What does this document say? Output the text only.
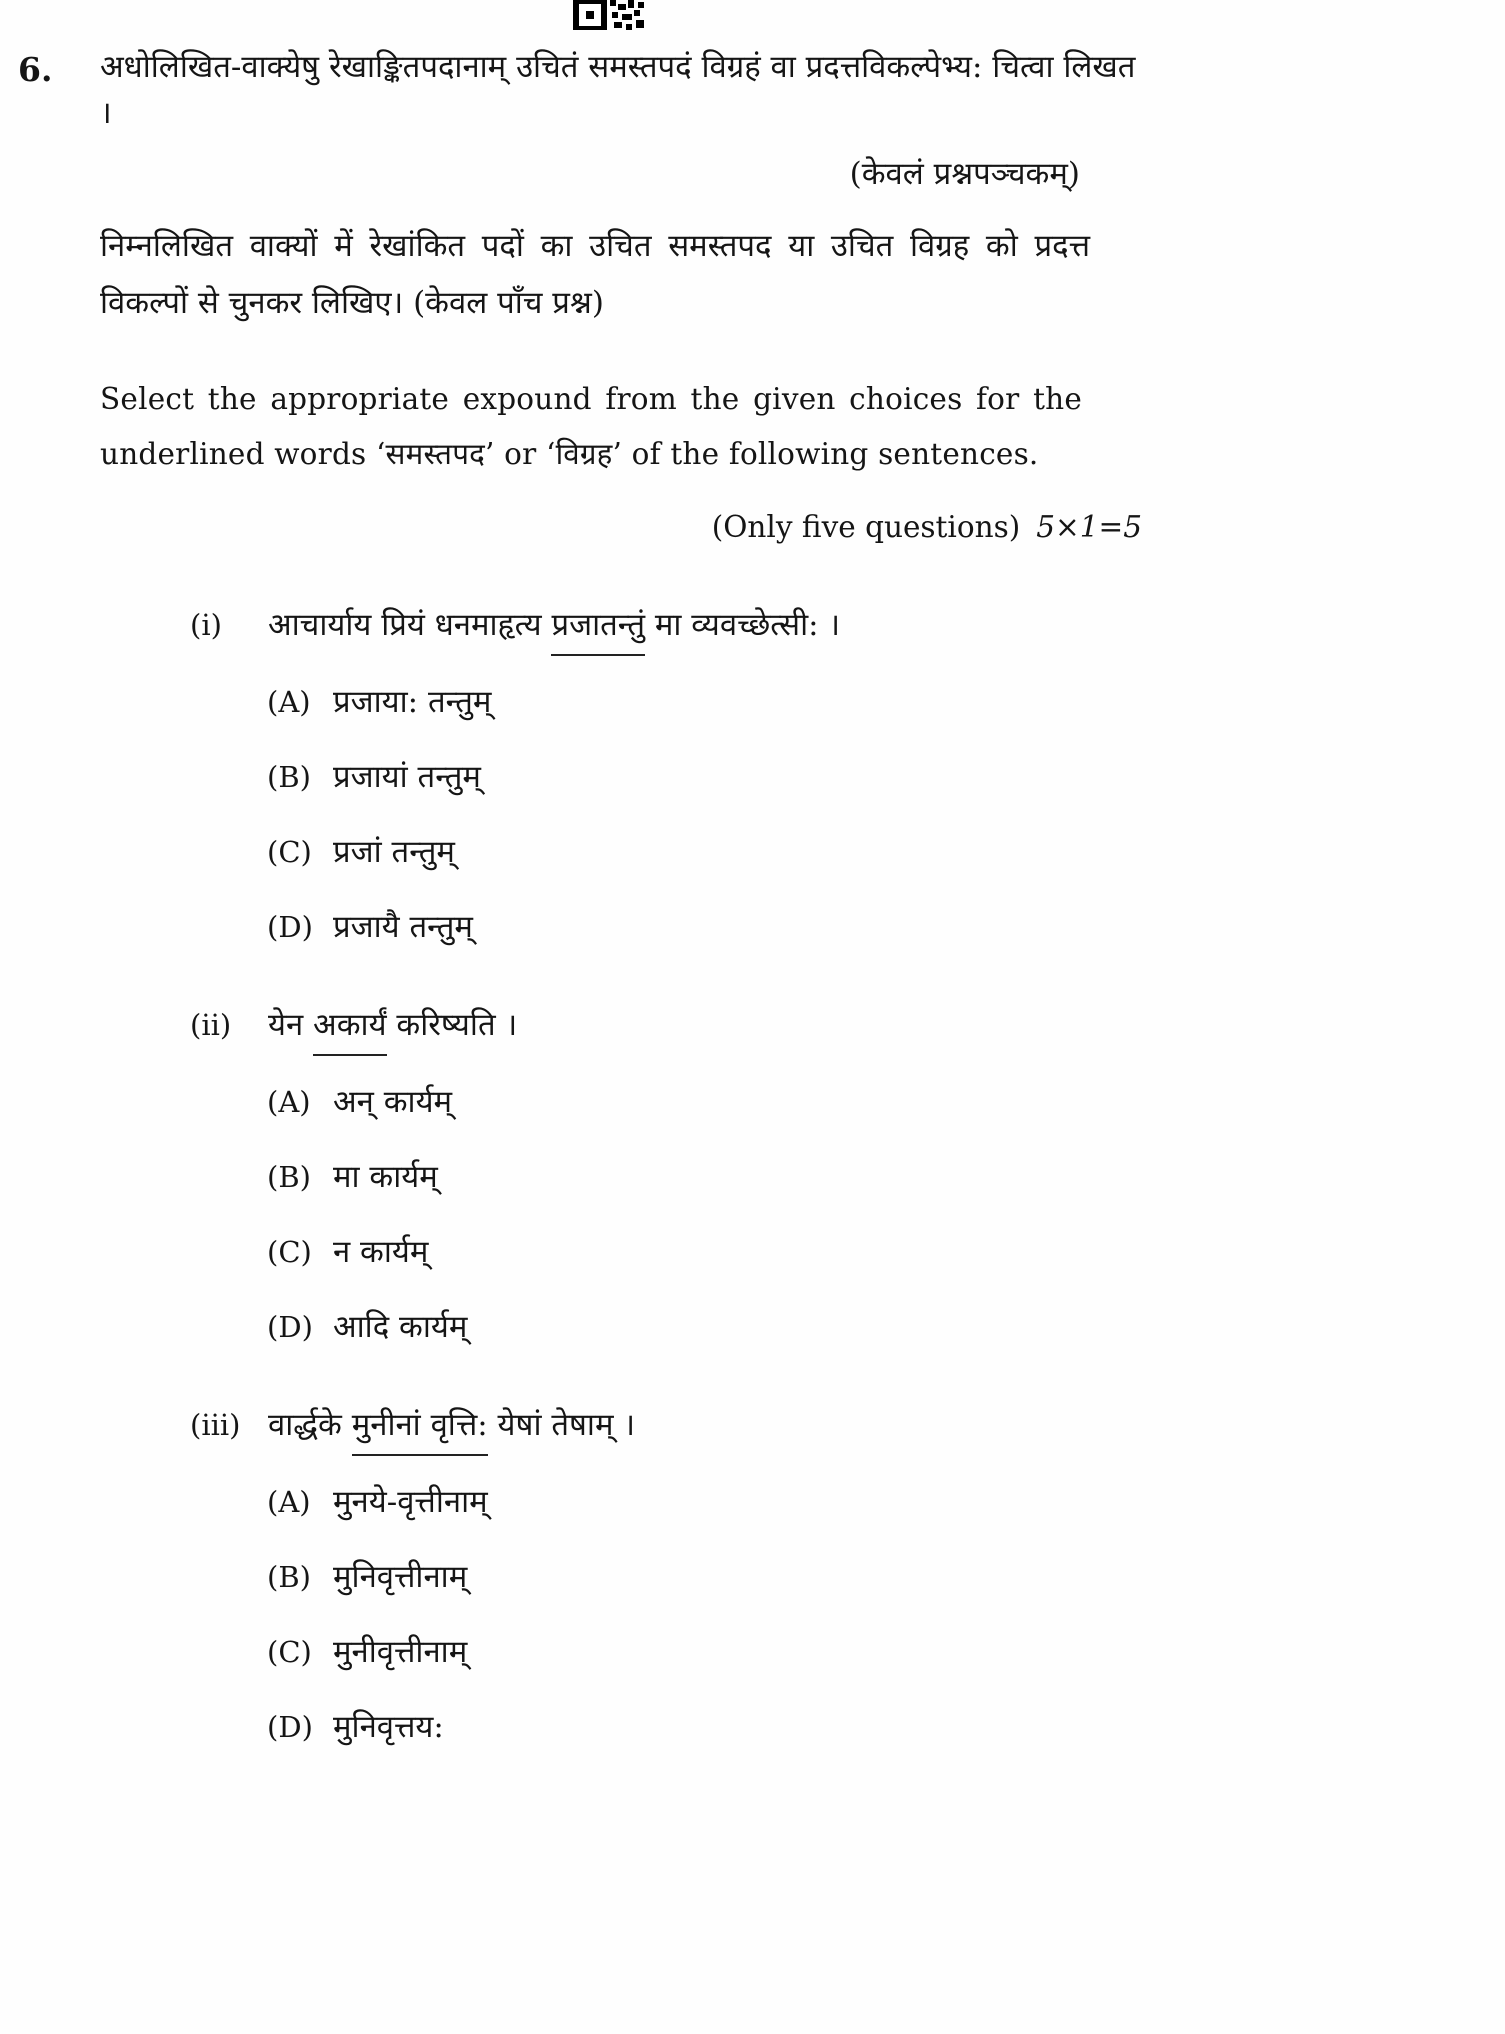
6. अधोलिखित-वाक्येषु रेखाङ्कितपदानाम् उचितं समस्तपदं विग्रहं वा प्रदत्तविकल्पेभ्य: चित्वा लिखत ।

(केवलं प्रश्नपञ्चकम्)

निम्नलिखित वाक्यों में रेखांकित पदों का उचित समस्तपद या उचित विग्रह को प्रदत्त विकल्पों से चुनकर लिखिए। (केवल पाँच प्रश्न)

Select the appropriate expound from the given choices for the underlined words ‘समस्तपद’ or ‘विग्रह’ of the following sentences.

(Only five questions) 5×1=5

(i) आचार्याय प्रियं धनमाहृत्य प्रजातन्तुं मा व्यवच्छेत्सी: ।
(A) प्रजाया: तन्तुम्
(B) प्रजायां तन्तुम्
(C) प्रजां तन्तुम्
(D) प्रजायै तन्तुम्
(ii) येन अकार्यं करिष्यति ।
(A) अन् कार्यम्
(B) मा कार्यम्
(C) न कार्यम्
(D) आदि कार्यम्
(iii) वार्द्धके मुनीनां वृत्ति: येषां तेषाम् ।
(A) मुनये-वृत्तीनाम्
(B) मुनिवृत्तीनाम्
(C) मुनीवृत्तीनाम्
(D) मुनिवृत्तय:
